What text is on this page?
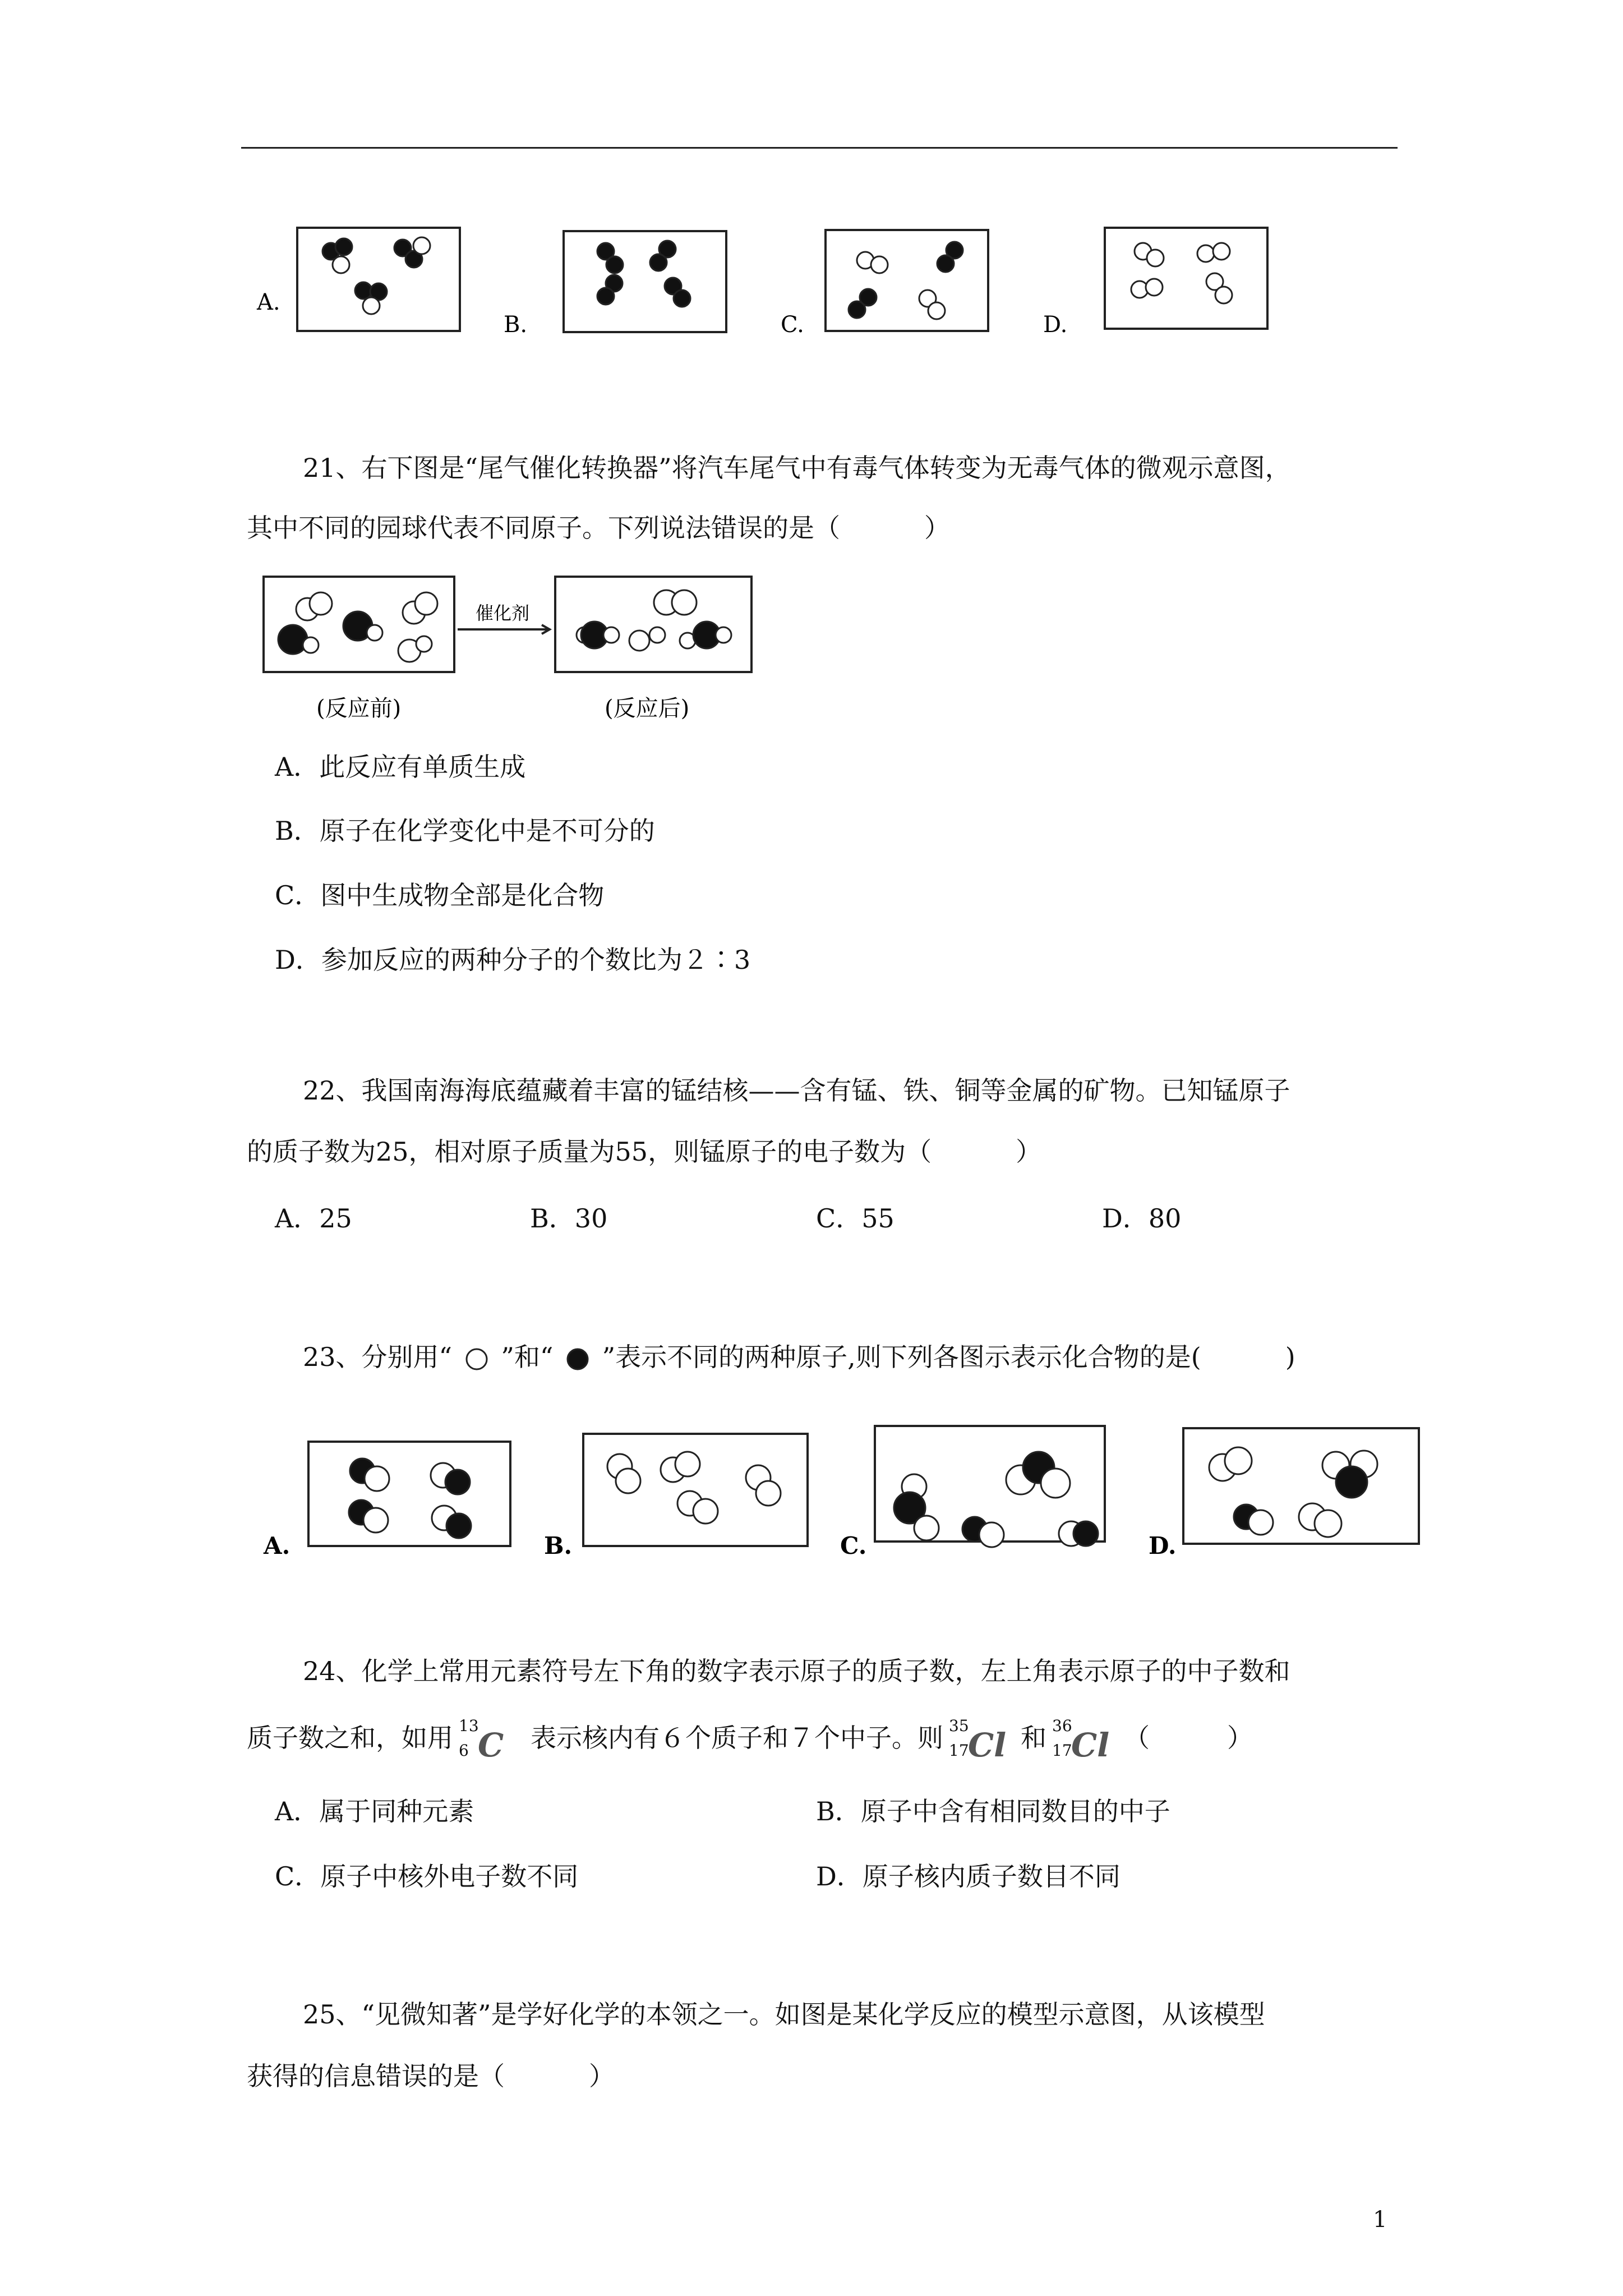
A.
B.	C.	D.
21、右下图是“尾气催化转换器”将汽车尾气中有毒气体转变为无毒气体的微观示意图，
其中不同的园球代表不同原子。下列说法错误的是（	）
催化剂
(反应前)	(反应后)
A．此反应有单质生成
B．原子在化学变化中是不可分的
C．图中生成物全部是化合物
D．参加反应的两种分子的个数比为２∶3
22、我国南海海底蕴藏着丰富的锰结核——含有锰、铁、铜等金属的矿物。已知锰原子
的质子数为25，相对原子质量为55，则锰原子的电子数为（	）
A．25	B．30	C．55	D．80
23、分别用“ ”和“ ”表示不同的两种原子,则下列各图示表示化合物的是(	)
A.	B.	C.	D.
24、化学上常用元素符号左下角的数字表示原子的质子数，左上角表示原子的中子数和
质子数之和，如用 13
6 C 表示核内有６个质子和７个中子。则 35
17
Cl 和 36
17
Cl （　　　）
A．属于同种元素	B．原子中含有相同数目的中子
C．原子中核外电子数不同	D．原子核内质子数目不同
25、“见微知著”是学好化学的本领之一。如图是某化学反应的模型示意图，从该模型
获得的信息错误的是（	）
1
